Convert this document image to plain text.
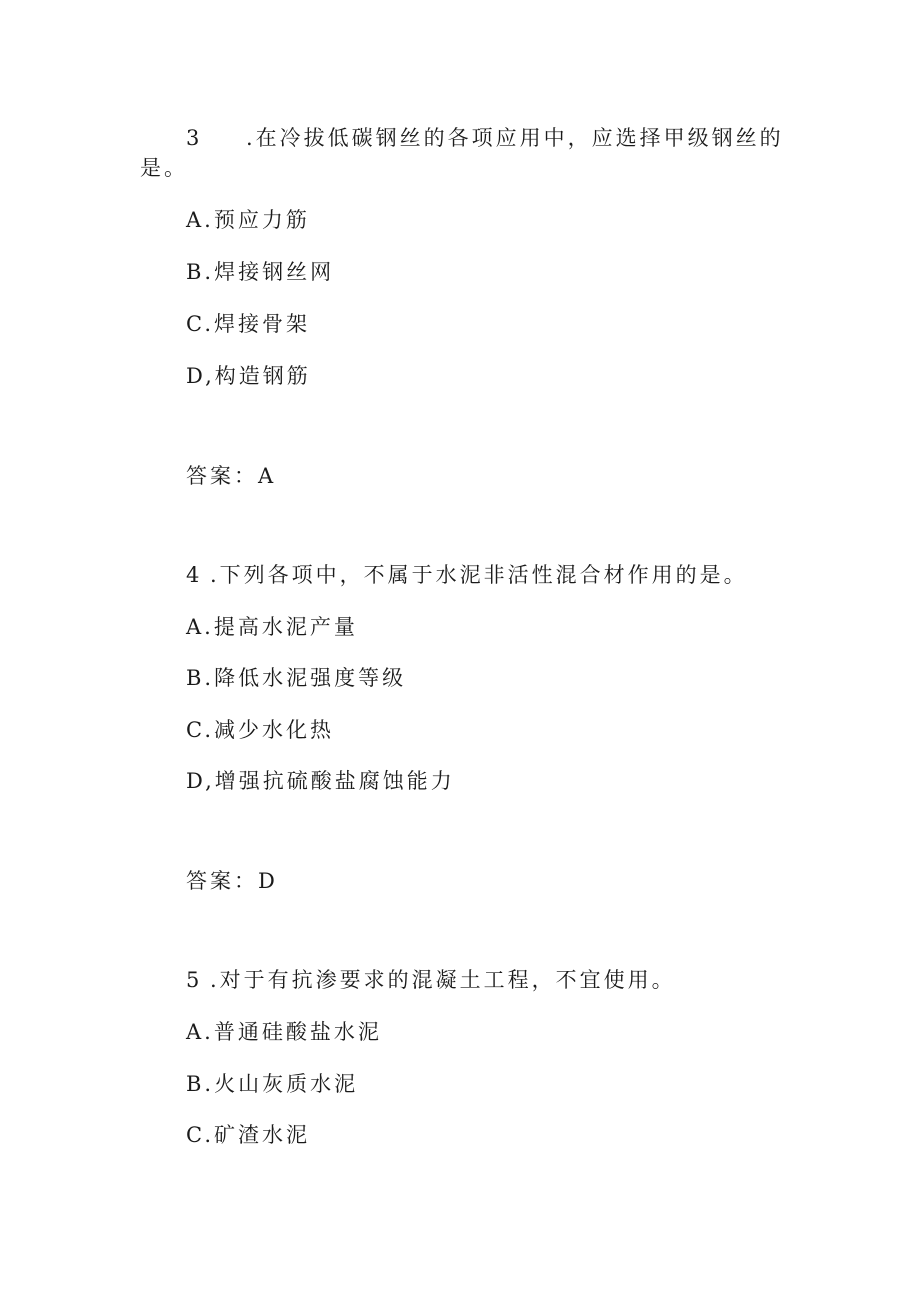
3 .在冷拔低碳钢丝的各项应用中，应选择甲级钢丝的
是。
A.预应力筋
B.焊接钢丝网
C.焊接骨架
D,构造钢筋
答案：A
4 .下列各项中，不属于水泥非活性混合材作用的是。
A.提高水泥产量
B.降低水泥强度等级
C.减少水化热
D,增强抗硫酸盐腐蚀能力
答案：D
5 .对于有抗渗要求的混凝土工程，不宜使用。
A.普通硅酸盐水泥
B.火山灰质水泥
C.矿渣水泥
